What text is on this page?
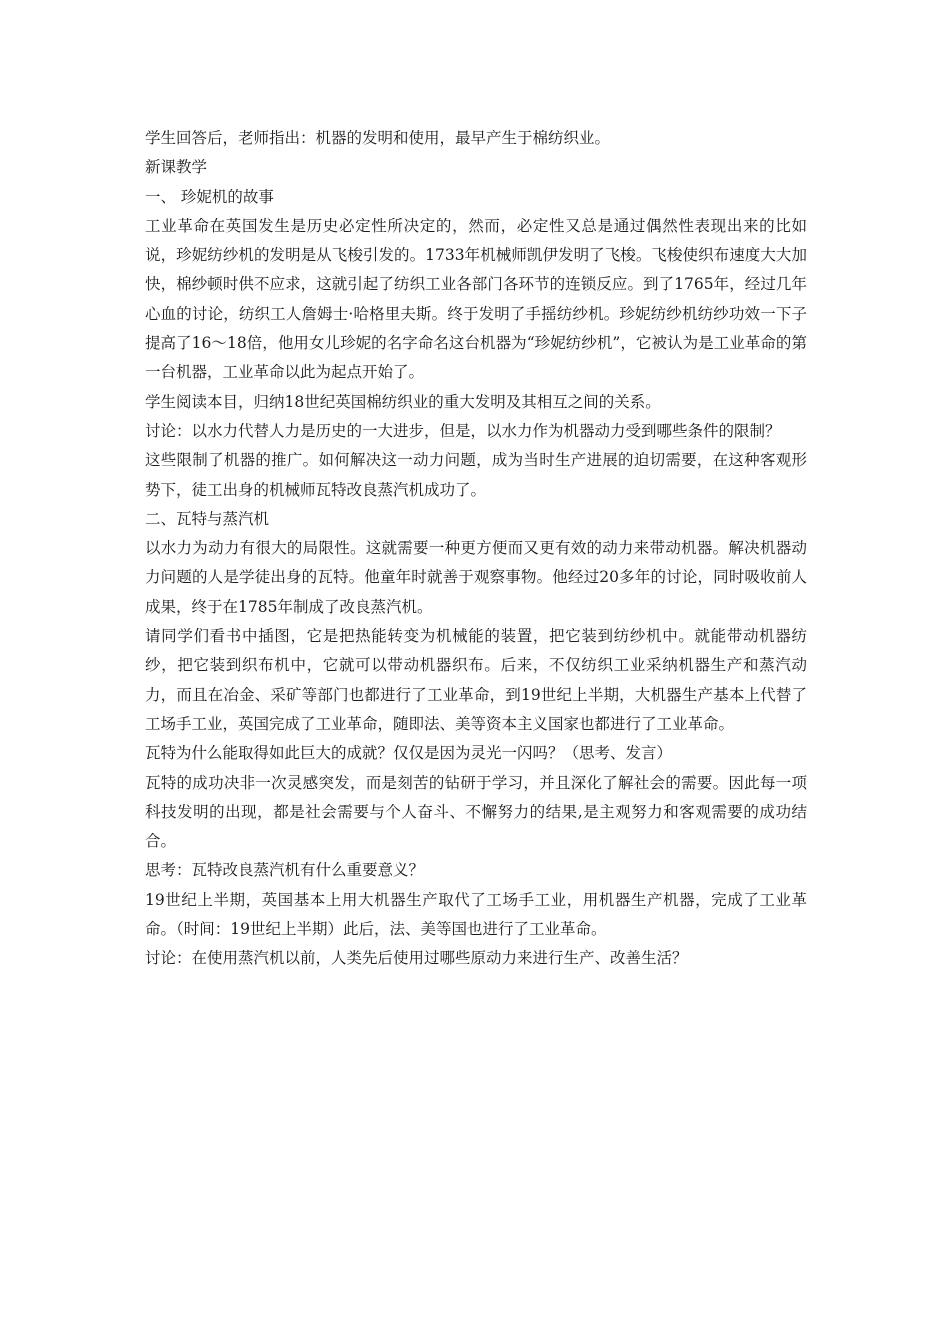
学生回答后，老师指出：机器的发明和使用，最早产生于棉纺织业。

新课教学

一、 珍妮机的故事

工业革命在英国发生是历史必定性所决定的，然而，必定性又总是通过偶然性表现出来的比如说，珍妮纺纱机的发明是从飞梭引发的。1733年机械师凯伊发明了飞梭。飞梭使织布速度大大加快，棉纱顿时供不应求，这就引起了纺织工业各部门各环节的连锁反应。到了1765年，经过几年心血的讨论，纺织工人詹姆士·哈格里夫斯。终于发明了手摇纺纱机。珍妮纺纱机纺纱功效一下子提高了16～18倍，他用女儿珍妮的名字命名这台机器为“珍妮纺纱机”，它被认为是工业革命的第一台机器，工业革命以此为起点开始了。

学生阅读本目，归纳18世纪英国棉纺织业的重大发明及其相互之间的关系。

讨论：以水力代替人力是历史的一大进步，但是，以水力作为机器动力受到哪些条件的限制？

这些限制了机器的推广。如何解决这一动力问题，成为当时生产进展的迫切需要，在这种客观形势下，徒工出身的机械师瓦特改良蒸汽机成功了。

二、瓦特与蒸汽机

以水力为动力有很大的局限性。这就需要一种更方便而又更有效的动力来带动机器。解决机器动力问题的人是学徒出身的瓦特。他童年时就善于观察事物。他经过20多年的讨论，同时吸收前人成果，终于在1785年制成了改良蒸汽机。

请同学们看书中插图，它是把热能转变为机械能的装置，把它装到纺纱机中。就能带动机器纺纱，把它装到织布机中，它就可以带动机器织布。后来，不仅纺织工业采纳机器生产和蒸汽动力，而且在冶金、采矿等部门也都进行了工业革命，到19世纪上半期，大机器生产基本上代替了工场手工业，英国完成了工业革命，随即法、美等资本主义国家也都进行了工业革命。

瓦特为什么能取得如此巨大的成就？仅仅是因为灵光一闪吗？（思考、发言）

瓦特的成功决非一次灵感突发，而是刻苦的钻研于学习，并且深化了解社会的需要。因此每一项科技发明的出现，都是社会需要与个人奋斗、不懈努力的结果,是主观努力和客观需要的成功结合。

思考：瓦特改良蒸汽机有什么重要意义？

19世纪上半期，英国基本上用大机器生产取代了工场手工业，用机器生产机器，完成了工业革命。（时间：19世纪上半期）此后，法、美等国也进行了工业革命。

讨论：在使用蒸汽机以前，人类先后使用过哪些原动力来进行生产、改善生活？
